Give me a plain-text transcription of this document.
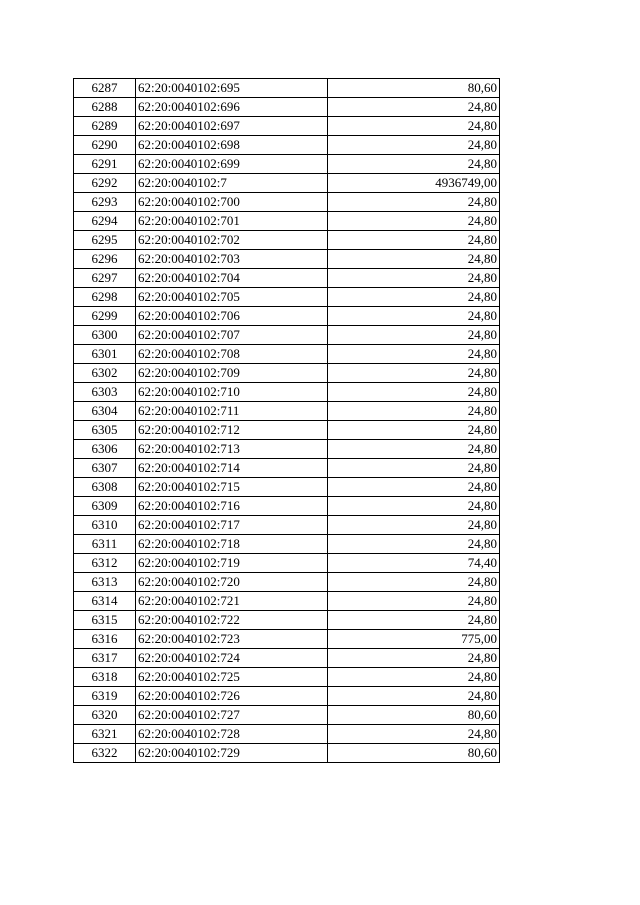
6287	62:20:0040102:695	80,60
6288	62:20:0040102:696	24,80
6289	62:20:0040102:697	24,80
6290	62:20:0040102:698	24,80
6291	62:20:0040102:699	24,80
6292	62:20:0040102:7	4936749,00
6293	62:20:0040102:700	24,80
6294	62:20:0040102:701	24,80
6295	62:20:0040102:702	24,80
6296	62:20:0040102:703	24,80
6297	62:20:0040102:704	24,80
6298	62:20:0040102:705	24,80
6299	62:20:0040102:706	24,80
6300	62:20:0040102:707	24,80
6301	62:20:0040102:708	24,80
6302	62:20:0040102:709	24,80
6303	62:20:0040102:710	24,80
6304	62:20:0040102:711	24,80
6305	62:20:0040102:712	24,80
6306	62:20:0040102:713	24,80
6307	62:20:0040102:714	24,80
6308	62:20:0040102:715	24,80
6309	62:20:0040102:716	24,80
6310	62:20:0040102:717	24,80
6311	62:20:0040102:718	24,80
6312	62:20:0040102:719	74,40
6313	62:20:0040102:720	24,80
6314	62:20:0040102:721	24,80
6315	62:20:0040102:722	24,80
6316	62:20:0040102:723	775,00
6317	62:20:0040102:724	24,80
6318	62:20:0040102:725	24,80
6319	62:20:0040102:726	24,80
6320	62:20:0040102:727	80,60
6321	62:20:0040102:728	24,80
6322	62:20:0040102:729	80,60
